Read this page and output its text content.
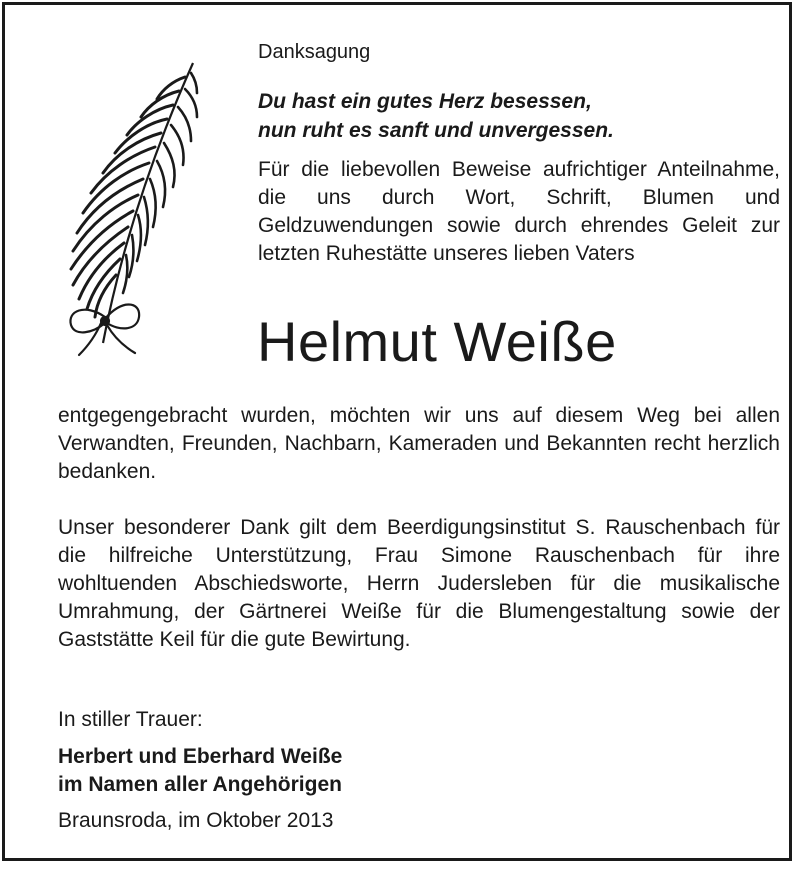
Danksagung
Du hast ein gutes Herz besessen,
nun ruht es sanft und unvergessen.
Für die liebevollen Beweise aufrichtiger Anteilnahme, die uns durch Wort, Schrift, Blumen und Geldzuwendungen sowie durch ehrendes Geleit zur letzten Ruhestätte unseres lieben Vaters
Helmut Weiße
entgegengebracht wurden, möchten wir uns auf diesem Weg bei allen Verwandten, Freunden, Nachbarn, Kameraden und Bekannten recht herzlich bedanken.
Unser besonderer Dank gilt dem Beerdigungsinstitut S. Rauschenbach für die hilfreiche Unterstützung, Frau Simone Rauschenbach für ihre wohltuenden Abschiedsworte, Herrn Judersleben für die musikalische Umrahmung, der Gärtnerei Weiße für die Blumengestaltung sowie der Gaststätte Keil für die gute Bewirtung.
In stiller Trauer:
Herbert und Eberhard Weiße
im Namen aller Angehörigen
Braunsroda, im Oktober 2013
